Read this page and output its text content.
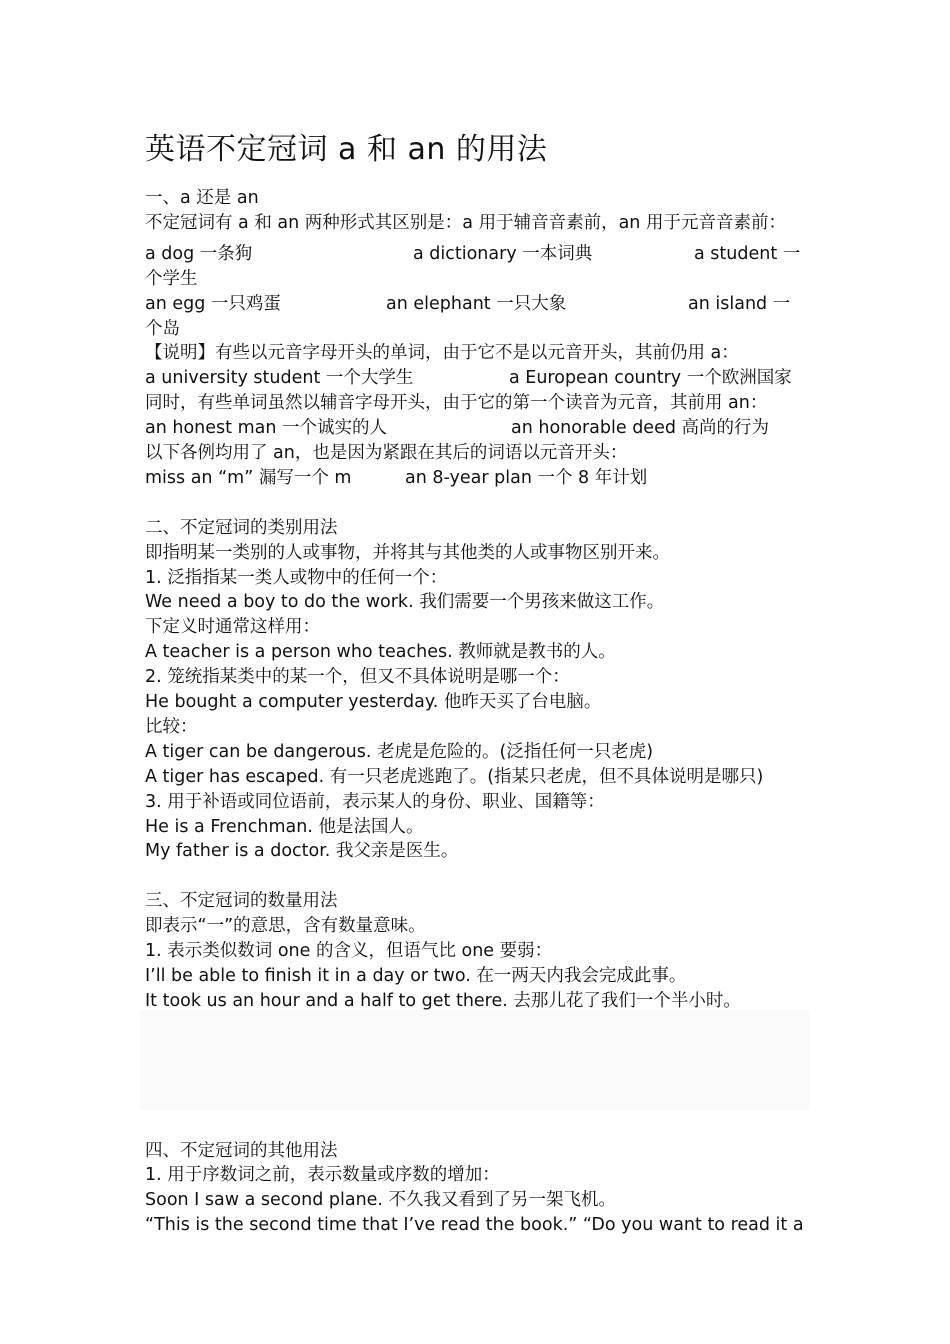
英语不定冠词 a 和 an 的用法
一、a 还是 an
不定冠词有 a 和 an 两种形式其区别是：a 用于辅音音素前，an 用于元音音素前：
a dog 一条狗	a dictionary 一本词典	a student 一
个学生
an egg 一只鸡蛋	an elephant 一只大象	an island 一
个岛
【说明】有些以元音字母开头的单词，由于它不是以元音开头，其前仍用 a：
a university student 一个大学生	a European country 一个欧洲国家
同时，有些单词虽然以辅音字母开头，由于它的第一个读音为元音，其前用 an：
an honest man 一个诚实的人	an honorable deed 高尚的行为
以下各例均用了 an，也是因为紧跟在其后的词语以元音开头：
miss an “m” 漏写一个 m	an 8-year plan 一个 8 年计划
二、不定冠词的类别用法
即指明某一类别的人或事物，并将其与其他类的人或事物区别开来。
1. 泛指指某一类人或物中的任何一个：
We need a boy to do the work. 我们需要一个男孩来做这工作。
下定义时通常这样用：
A teacher is a person who teaches. 教师就是教书的人。
2. 笼统指某类中的某一个，但又不具体说明是哪一个：
He bought a computer yesterday. 他昨天买了台电脑。
比较：
A tiger can be dangerous. 老虎是危险的。(泛指任何一只老虎)
A tiger has escaped. 有一只老虎逃跑了。(指某只老虎，但不具体说明是哪只)
3. 用于补语或同位语前，表示某人的身份、职业、国籍等：
He is a Frenchman. 他是法国人。
My father is a doctor. 我父亲是医生。
三、不定冠词的数量用法
即表示“一”的意思，含有数量意味。
1. 表示类似数词 one 的含义，但语气比 one 要弱：
I’ll be able to finish it in a day or two. 在一两天内我会完成此事。
It took us an hour and a half to get there. 去那儿花了我们一个半小时。
四、不定冠词的其他用法
1. 用于序数词之前，表示数量或序数的增加：
Soon I saw a second plane. 不久我又看到了另一架飞机。
“This is the second time that I’ve read the book.” “Do you want to read it a
